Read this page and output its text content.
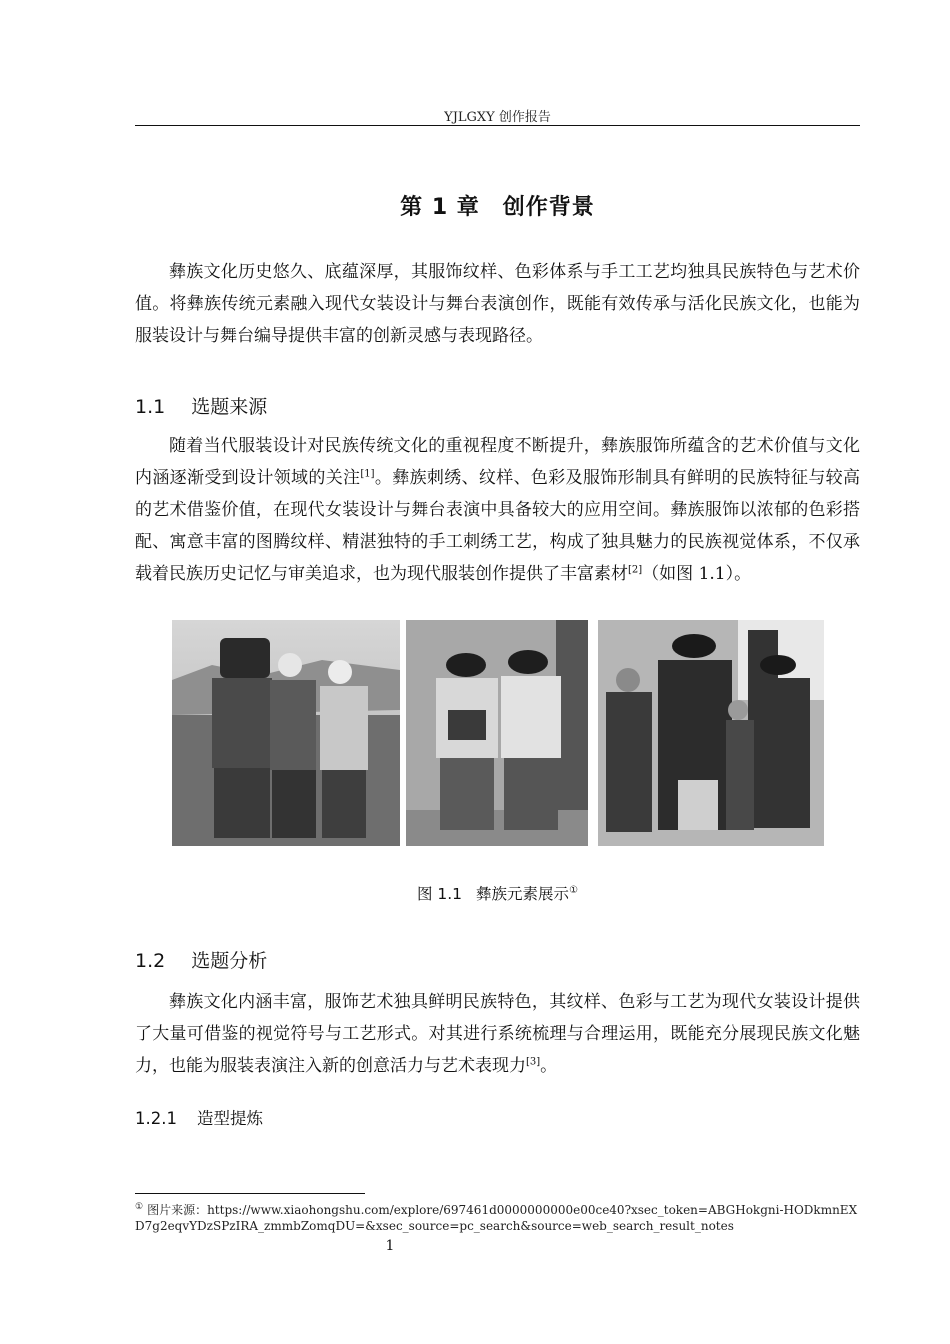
YJLGXY 创作报告
第 1 章　创作背景

彝族文化历史悠久、底蕴深厚，其服饰纹样、色彩体系与手工工艺均独具民族特色与艺术价值。将彝族传统元素融入现代女装设计与舞台表演创作，既能有效传承与活化民族文化，也能为服装设计与舞台编导提供丰富的创新灵感与表现路径。

1.1 选题来源

随着当代服装设计对民族传统文化的重视程度不断提升，彝族服饰所蕴含的艺术价值与文化内涵逐渐受到设计领域的关注[1]。彝族刺绣、纹样、色彩及服饰形制具有鲜明的民族特征与较高的艺术借鉴价值，在现代女装设计与舞台表演中具备较大的应用空间。彝族服饰以浓郁的色彩搭配、寓意丰富的图腾纹样、精湛独特的手工刺绣工艺，构成了独具魅力的民族视觉体系，不仅承载着民族历史记忆与审美追求，也为现代服装创作提供了丰富素材[2]（如图 1.1）。

图 1.1 彝族元素展示①
1.2 选题分析

彝族文化内涵丰富，服饰艺术独具鲜明民族特色，其纹样、色彩与工艺为现代女装设计提供了大量可借鉴的视觉符号与工艺形式。对其进行系统梳理与合理运用，既能充分展现民族文化魅力，也能为服装表演注入新的创意活力与艺术表现力[3]。

1.2.1 造型提炼
① 图片来源：https://www.xiaohongshu.com/explore/697461d0000000000e00ce40?xsec_token=ABGHokgni-HODkmnEXD7g2eqvYDzSPzIRA_zmmbZomqDU=&xsec_source=pc_search&source=web_search_result_notes
1
